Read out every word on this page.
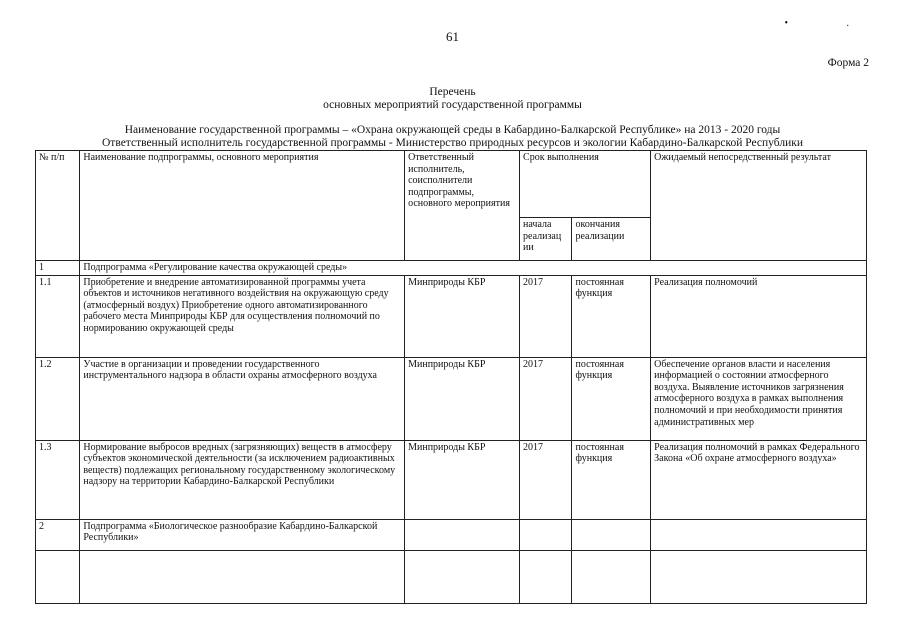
61
• .
Форма 2
Перечень
основных мероприятий государственной программы
Наименование государственной программы – «Охрана окружающей среды в Кабардино-Балкарской Республике» на 2013 - 2020 годы
Ответственный исполнитель государственной программы - Министерство природных ресурсов и экологии Кабардино-Балкарской Республики
№ п/п	Наименование подпрограммы, основного мероприятия	Ответственный исполнитель, соисполнители подпрограммы, основного мероприятия	Срок выполнения		Ожидаемый непосредственный результат
			начала реализац ии	окончания реализации	
1	Подпрограмма «Регулирование качества окружающей среды»				
1.1	Приобретение и внедрение автоматизированной программы учета объектов и источников негативного воздействия на окружающую среду (атмосферный воздух) Приобретение одного автоматизированного рабочего места Минприроды КБР для осуществления полномочий по нормированию окружающей среды	Минприроды КБР	2017	постоянная функция	Реализация полномочий
1.2	Участие в организации и проведении государственного инструментального надзора в области охраны атмосферного воздуха	Минприроды КБР	2017	постоянная функция	Обеспечение органов власти и населения информацией о состоянии атмосферного воздуха. Выявление источников загрязнения атмосферного воздуха в рамках выполнения полномочий и при необходимости принятия административных мер
1.3	Нормирование выбросов вредных (загрязняющих) веществ в атмосферу субъектов экономической деятельности (за исключением радиоактивных веществ) подлежащих региональному государственному экологическому надзору на территории Кабардино-Балкарской Республики	Минприроды КБР	2017	постоянная функция	Реализация полномочий в рамках Федерального Закона «Об охране атмосферного воздуха»
2	Подпрограмма «Биологическое разнообразие Кабардино-Балкарской Республики»				
